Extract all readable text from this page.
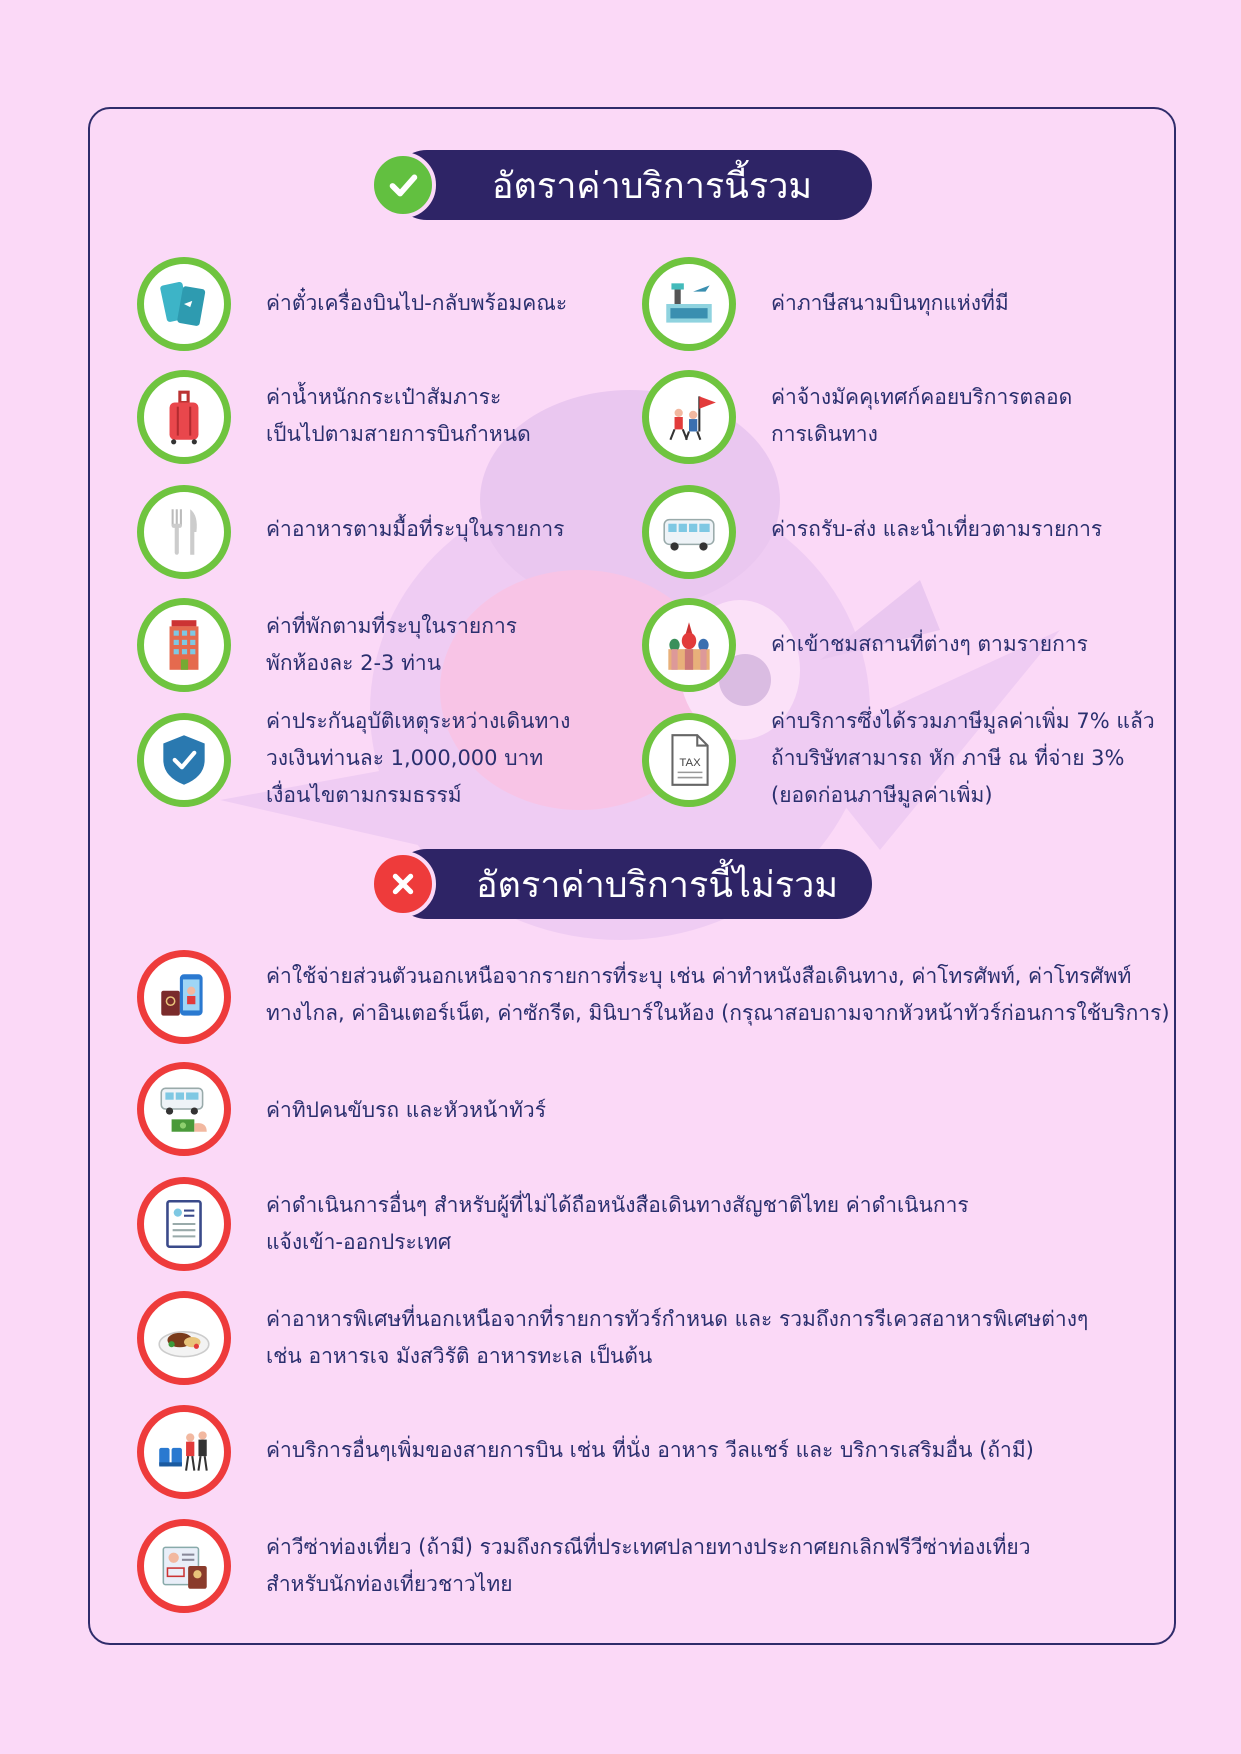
อัตราค่าบริการนี้รวม
ค่าตั๋วเครื่องบินไป-กลับพร้อมคณะ	ค่าภาษีสนามบินทุกแห่งที่มี
ค่าน้ำหนักกระเป๋าสัมภาระ
เป็นไปตามสายการบินกำหนด
ค่าจ้างมัคคุเทศก์คอยบริการตลอด
การเดินทาง
ค่าอาหารตามมื้อที่ระบุในรายการ	ค่ารถรับ-ส่ง และนำเที่ยวตามรายการ
ค่าที่พักตามที่ระบุในรายการ
พักห้องละ 2-3 ท่าน
ค่าเข้าชมสถานที่ต่างๆ ตามรายการ
ค่าประกันอุบัติเหตุระหว่างเดินทาง
วงเงินท่านละ 1,000,000 บาท
เงื่อนไขตามกรมธรรม์
TAX
ค่าบริการซึ่งได้รวมภาษีมูลค่าเพิ่ม 7% แล้ว
ถ้าบริษัทสามารถ หัก ภาษี ณ ที่จ่าย 3%
(ยอดก่อนภาษีมูลค่าเพิ่ม)
อัตราค่าบริการนี้ไม่รวม
ค่าใช้จ่ายส่วนตัวนอกเหนือจากรายการที่ระบุ เช่น ค่าทำหนังสือเดินทาง, ค่าโทรศัพท์, ค่าโทรศัพท์
ทางไกล, ค่าอินเตอร์เน็ต, ค่าซักรีด, มินิบาร์ในห้อง (กรุณาสอบถามจากหัวหน้าทัวร์ก่อนการใช้บริการ)
ค่าทิปคนขับรถ และหัวหน้าทัวร์
ค่าดำเนินการอื่นๆ สำหรับผู้ที่ไม่ได้ถือหนังสือเดินทางสัญชาติไทย ค่าดำเนินการ
แจ้งเข้า-ออกประเทศ
ค่าอาหารพิเศษที่นอกเหนือจากที่รายการทัวร์กำหนด และ รวมถึงการรีเควสอาหารพิเศษต่างๆ
เช่น อาหารเจ มังสวิรัติ อาหารทะเล เป็นต้น
ค่าบริการอื่นๆเพิ่มของสายการบิน เช่น ที่นั่ง อาหาร วีลแชร์ และ บริการเสริมอื่น (ถ้ามี)
ค่าวีซ่าท่องเที่ยว (ถ้ามี) รวมถึงกรณีที่ประเทศปลายทางประกาศยกเลิกฟรีวีซ่าท่องเที่ยว
สำหรับนักท่องเที่ยวชาวไทย
